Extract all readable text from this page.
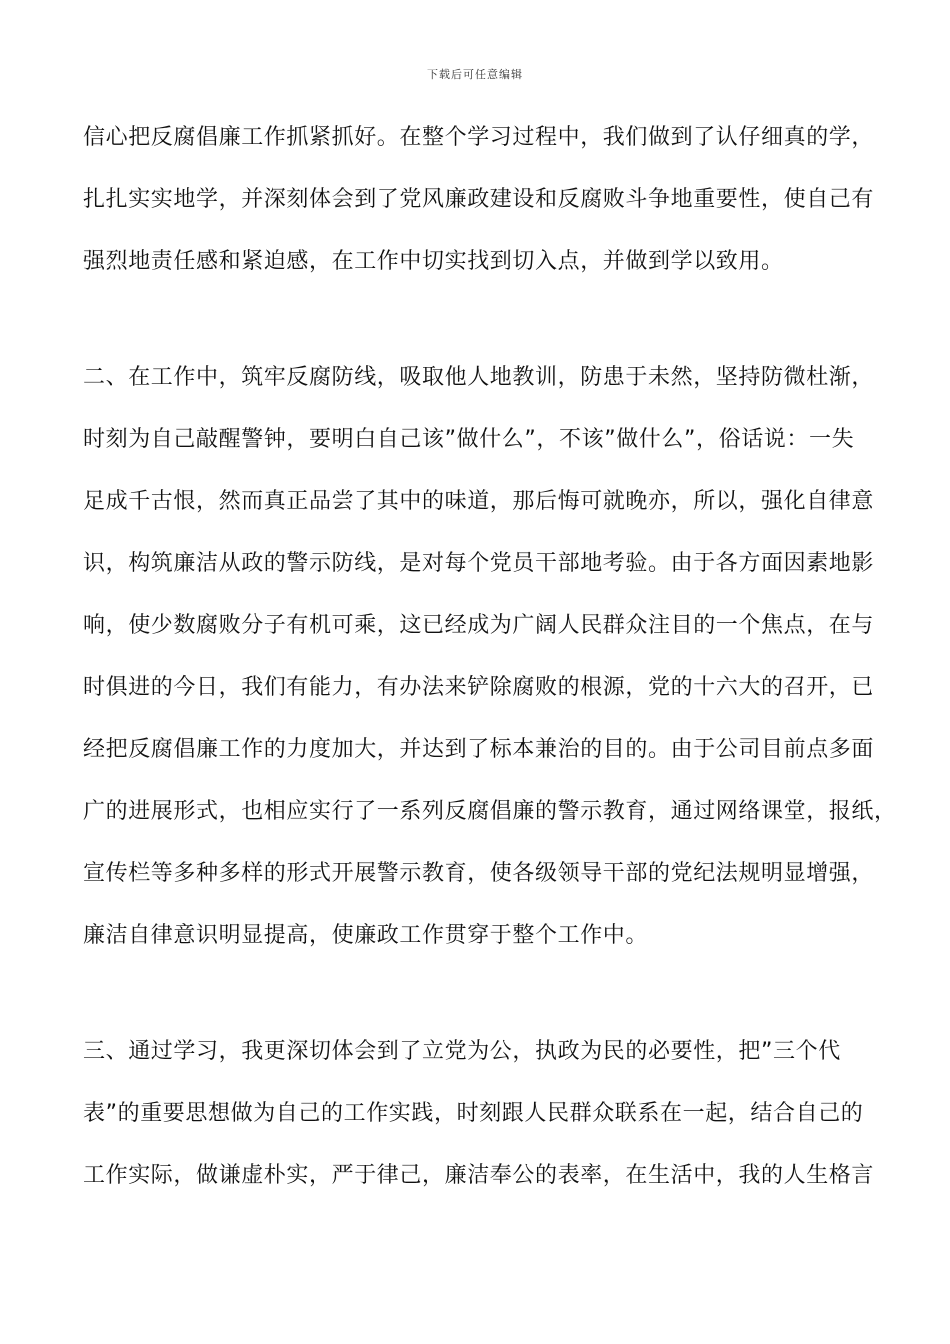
下载后可任意编辑
信心把反腐倡廉工作抓紧抓好。在整个学习过程中，我们做到了认仔细真的学，
扎扎实实地学，并深刻体会到了党风廉政建设和反腐败斗争地重要性，使自己有
强烈地责任感和紧迫感，在工作中切实找到切入点，并做到学以致用。
二、在工作中，筑牢反腐防线，吸取他人地教训，防患于未然，坚持防微杜渐，
时刻为自己敲醒警钟，要明白自己该”做什么”，不该”做什么”，俗话说：一失
足成千古恨，然而真正品尝了其中的味道，那后悔可就晚亦，所以，强化自律意
识，构筑廉洁从政的警示防线，是对每个党员干部地考验。由于各方面因素地影
响，使少数腐败分子有机可乘，这已经成为广阔人民群众注目的一个焦点，在与
时俱进的今日，我们有能力，有办法来铲除腐败的根源，党的十六大的召开，已
经把反腐倡廉工作的力度加大，并达到了标本兼治的目的。由于公司目前点多面
广的进展形式，也相应实行了一系列反腐倡廉的警示教育，通过网络课堂，报纸，
宣传栏等多种多样的形式开展警示教育，使各级领导干部的党纪法规明显增强，
廉洁自律意识明显提高，使廉政工作贯穿于整个工作中。
三、通过学习，我更深切体会到了立党为公，执政为民的必要性，把”三个代
表”的重要思想做为自己的工作实践，时刻跟人民群众联系在一起，结合自己的
工作实际，做谦虚朴实，严于律己，廉洁奉公的表率，在生活中，我的人生格言
